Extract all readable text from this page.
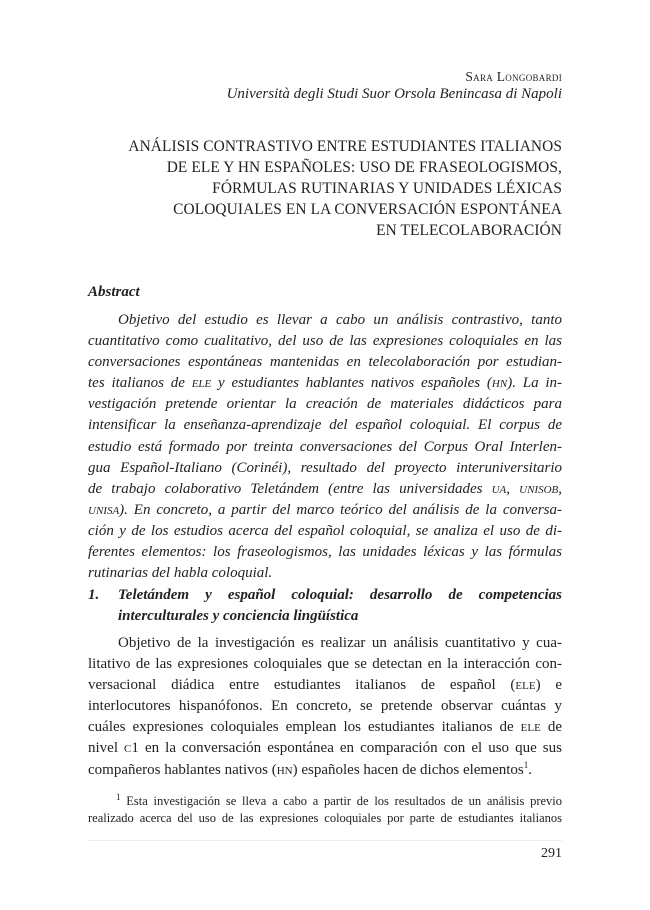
Sara Longobardi
Università degli Studi Suor Orsola Benincasa di Napoli
ANÁLISIS CONTRASTIVO ENTRE ESTUDIANTES ITALIANOS
DE ELE Y HN ESPAÑOLES: USO DE FRASEOLOGISMOS,
FÓRMULAS RUTINARIAS Y UNIDADES LÉXICAS
COLOQUIALES EN LA CONVERSACIÓN ESPONTÁNEA
EN TELECOLABORACIÓN
Abstract
Objetivo del estudio es llevar a cabo un análisis contrastivo, tanto
cuantitativo como cualitativo, del uso de las expresiones coloquiales en las
conversaciones espontáneas mantenidas en telecolaboración por estudian-
tes italianos de ele y estudiantes hablantes nativos españoles (hn). La in-
vestigación pretende orientar la creación de materiales didácticos para
intensificar la enseñanza-aprendizaje del español coloquial. El corpus de
estudio está formado por treinta conversaciones del Corpus Oral Interlen-
gua Español-Italiano (Corinéi), resultado del proyecto interuniversitario
de trabajo colaborativo Teletándem (entre las universidades ua, unisob,
unisa). En concreto, a partir del marco teórico del análisis de la conversa-
ción y de los estudios acerca del español coloquial, se analiza el uso de di-
ferentes elementos: los fraseologismos, las unidades léxicas y las fórmulas
rutinarias del habla coloquial.
1. Teletándem y español coloquial: desarrollo de competencias
interculturales y conciencia lingüística
Objetivo de la investigación es realizar un análisis cuantitativo y cua-
litativo de las expresiones coloquiales que se detectan en la interacción con-
versacional diádica entre estudiantes italianos de español (ele) e
interlocutores hispanófonos. En concreto, se pretende observar cuántas y
cuáles expresiones coloquiales emplean los estudiantes italianos de ele de
nivel c1 en la conversación espontánea en comparación con el uso que sus
compañeros hablantes nativos (hn) españoles hacen de dichos elementos$^1$.
$^1$ Esta investigación se lleva a cabo a partir de los resultados de un análisis previo
realizado acerca del uso de las expresiones coloquiales por parte de estudiantes italianos
291
